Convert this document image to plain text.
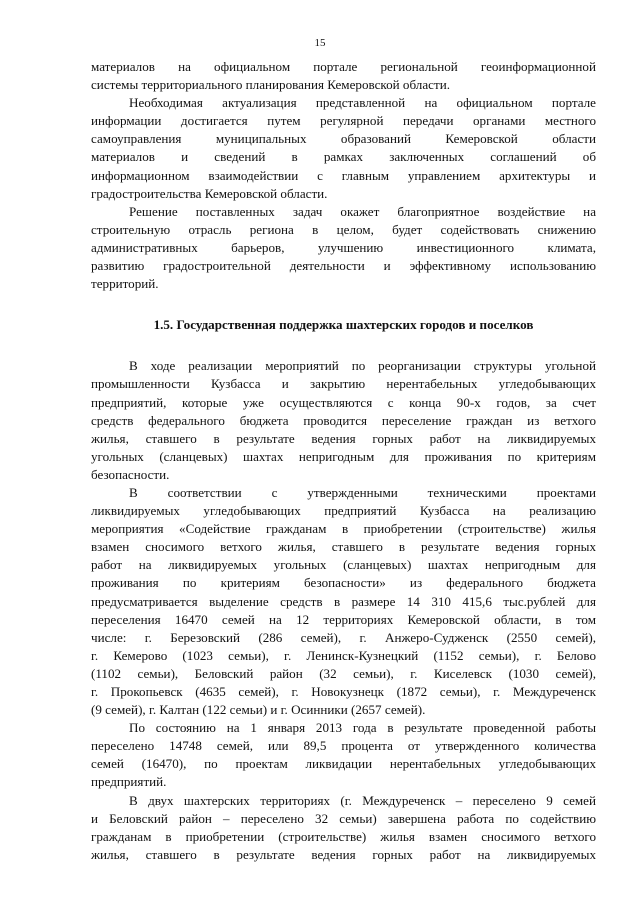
15
материалов на официальном портале региональной геоинформационной
системы территориального планирования Кемеровской области.
Необходимая актуализация представленной на официальном портале
информации достигается путем регулярной передачи органами местного
самоуправления муниципальных образований Кемеровской области
материалов и сведений в рамках заключенных соглашений об
информационном взаимодействии с главным управлением архитектуры и
градостроительства Кемеровской области.
Решение поставленных задач окажет благоприятное воздействие на
строительную отрасль региона в целом, будет содействовать снижению
административных барьеров, улучшению инвестиционного климата,
развитию градостроительной деятельности и эффективному использованию
территорий.
1.5. Государственная поддержка шахтерских городов и поселков
В ходе реализации мероприятий по реорганизации структуры угольной
промышленности Кузбасса и закрытию нерентабельных угледобывающих
предприятий, которые уже осуществляются с конца 90-х годов, за счет
средств федерального бюджета проводится переселение граждан из ветхого
жилья, ставшего в результате ведения горных работ на ликвидируемых
угольных (сланцевых) шахтах непригодным для проживания по критериям
безопасности.
В соответствии с утвержденными техническими проектами
ликвидируемых угледобывающих предприятий Кузбасса на реализацию
мероприятия «Содействие гражданам в приобретении (строительстве) жилья
взамен сносимого ветхого жилья, ставшего в результате ведения горных
работ на ликвидируемых угольных (сланцевых) шахтах непригодным для
проживания по критериям безопасности» из федерального бюджета
предусматривается выделение средств в размере 14 310 415,6 тыс.рублей для
переселения 16470 семей на 12 территориях Кемеровской области, в том
числе: г. Березовский (286 семей), г. Анжеро-Судженск (2550 семей),
г. Кемерово (1023 семьи), г. Ленинск-Кузнецкий (1152 семьи), г. Белово
(1102 семьи), Беловский район (32 семьи), г. Киселевск (1030 семей),
г. Прокопьевск (4635 семей), г. Новокузнецк (1872 семьи), г. Междуреченск
(9 семей), г. Калтан (122 семьи) и г. Осинники (2657 семей).
По состоянию на 1 января 2013 года в результате проведенной работы
переселено 14748 семей, или 89,5 процента от утвержденного количества
семей (16470), по проектам ликвидации нерентабельных угледобывающих
предприятий.
В двух шахтерских территориях (г. Междуреченск – переселено 9 семей
и Беловский район – переселено 32 семьи) завершена работа по содействию
гражданам в приобретении (строительстве) жилья взамен сносимого ветхого
жилья, ставшего в результате ведения горных работ на ликвидируемых
